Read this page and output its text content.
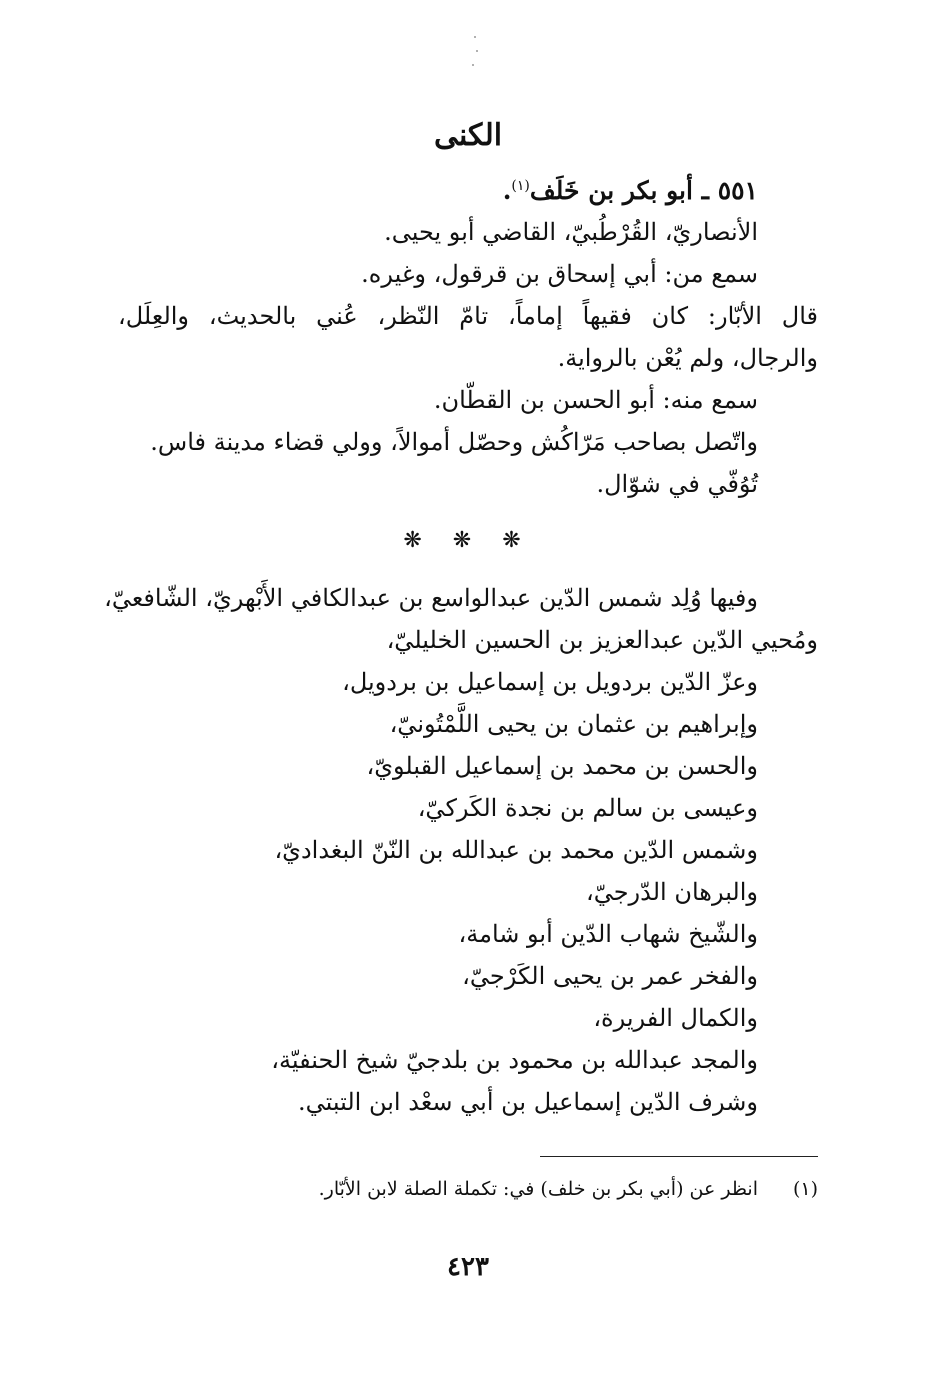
الكنى
٥٥١ ـ أبو بكر بن خَلَف$^{(١)}$.
الأنصاريّ، القُرْطُبيّ، القاضي أبو يحيى.
سمع من: أبي إسحاق بن قرقول، وغيره.
قال الأبّار: كان فقيهاً إماماً، تامّ النّظر، عُني بالحديث، والعِلَل،
والرجال، ولم يُعْن بالرواية.
سمع منه: أبو الحسن بن القطّان.
واتّصل بصاحب مَرّاكُش وحصّل أموالاً، وولي قضاء مدينة فاس.
تُوُفّي في شوّال.
❋ ❋ ❋
وفيها وُلِد شمس الدّين عبدالواسع بن عبدالكافي الأَبْهريّ، الشّافعيّ،
ومُحيي الدّين عبدالعزيز بن الحسين الخليليّ،
وعزّ الدّين بردويل بن إسماعيل بن بردويل،
وإبراهيم بن عثمان بن يحيى اللَّمْتُونيّ،
والحسن بن محمد بن إسماعيل القبلويّ،
وعيسى بن سالم بن نجدة الكَركيّ،
وشمس الدّين محمد بن عبدالله بن النّنّ البغداديّ،
والبرهان الدّرجيّ،
والشّيخ شهاب الدّين أبو شامة،
والفخر عمر بن يحيى الكَرْجيّ،
والكمال الفريرة،
والمجد عبدالله بن محمود بن بلدجيّ شيخ الحنفيّة،
وشرف الدّين إسماعيل بن أبي سعْد ابن التبتي.
(١)انظر عن (أبي بكر بن خلف) في: تكملة الصلة لابن الأبّار.
٤٢٣
